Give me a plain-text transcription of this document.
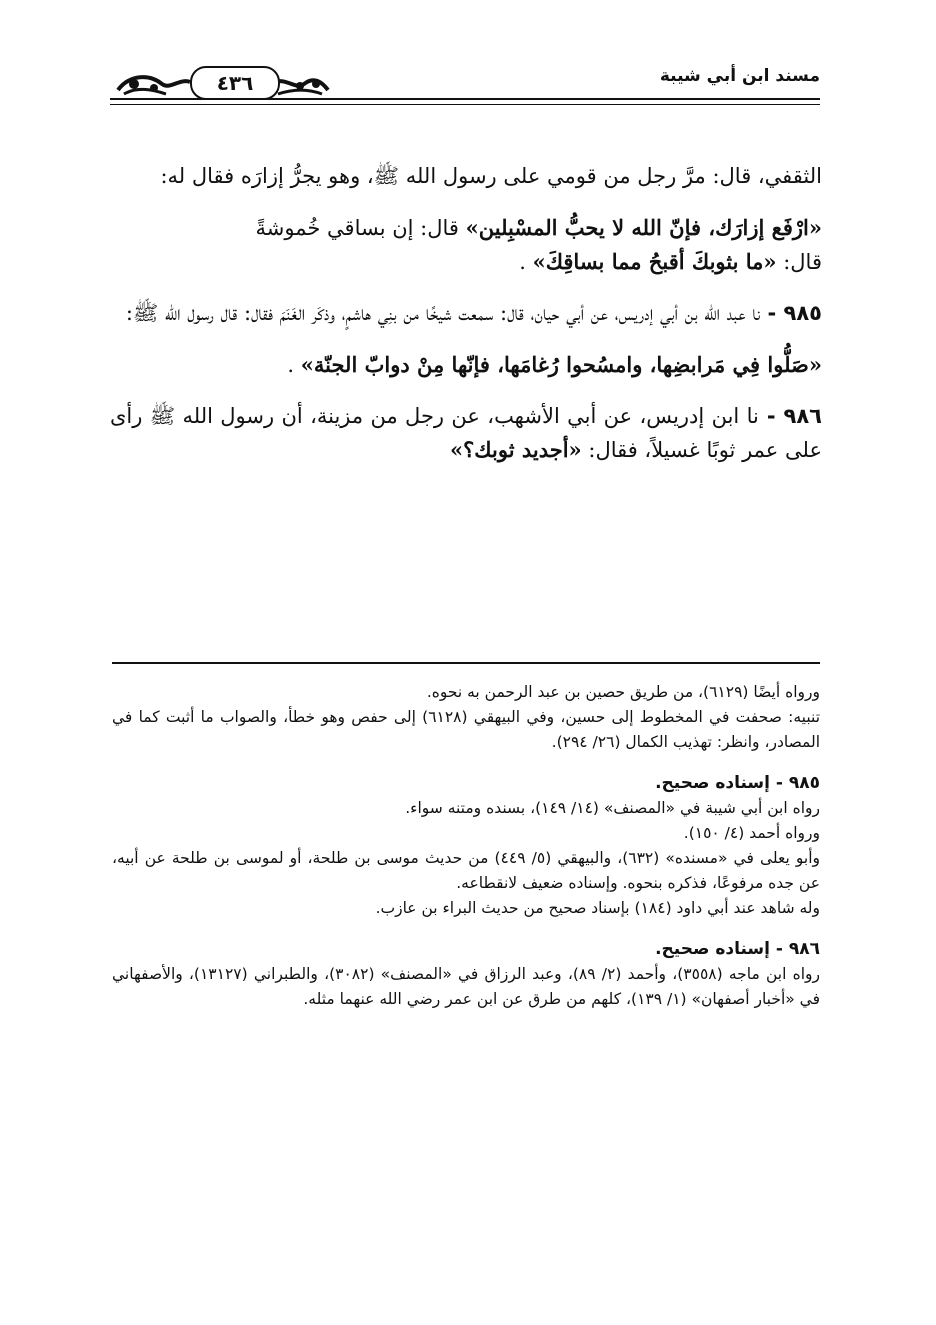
مسند ابن أبي شيبة
٤٣٦

الثقفي، قال: مرَّ رجل من قومي على رسول الله ﷺ، وهو يجرُّ إزارَه فقال له:

«ارْفَع إزارَك، فإنّ الله لا يحبُّ المسْبِلين» قال: إن بساقي خُموشةً

قال: «ما بثوبكَ أقبحُ مما بساقِكَ» .

٩٨٥ - نا عبد الله بن أبي إدريس، عن أبي حيان، قال: سمعت شيخًا من بنِي هاشمٍ، وذكَر الغَنَمَ فقال: قال رسول الله ﷺ:

«صَلُّوا فِي مَرابضِها، وامسُحوا رُغامَها، فإنّها مِنْ دوابّ الجنّة» .

٩٨٦ - نا ابن إدريس، عن أبي الأشهب، عن رجل من مزينة، أن رسول الله ﷺ رأى على عمر ثوبًا غسيلاً، فقال: «أجديد ثوبك؟»

ورواه أيضًا (٦١٢٩)، من طريق حصين بن عبد الرحمن به نحوه.

تنبيه: صحفت في المخطوط إلى حسين، وفي البيهقي (٦١٢٨) إلى حفص وهو خطأ، والصواب ما أثبت كما في المصادر، وانظر: تهذيب الكمال (٢٦/ ٢٩٤).

٩٨٥ - إسناده صحيح.

رواه ابن أبي شيبة في «المصنف» (١٤/ ١٤٩)، بسنده ومتنه سواء.

ورواه أحمد (٤/ ١٥٠).

وأبو يعلى في «مسنده» (٦٣٢)، والبيهقي (٥/ ٤٤٩) من حديث موسى بن طلحة، أو لموسى بن طلحة عن أبيه، عن جده مرفوعًا، فذكره بنحوه. وإسناده ضعيف لانقطاعه.

وله شاهد عند أبي داود (١٨٤) بإسناد صحيح من حديث البراء بن عازب.

٩٨٦ - إسناده صحيح.

رواه ابن ماجه (٣٥٥٨)، وأحمد (٢/ ٨٩)، وعبد الرزاق في «المصنف» (٣٠٨٢)، والطبراني (١٣١٢٧)، والأصفهاني في «أخبار أصفهان» (١/ ١٣٩)، كلهم من طرق عن ابن عمر رضي الله عنهما مثله.
